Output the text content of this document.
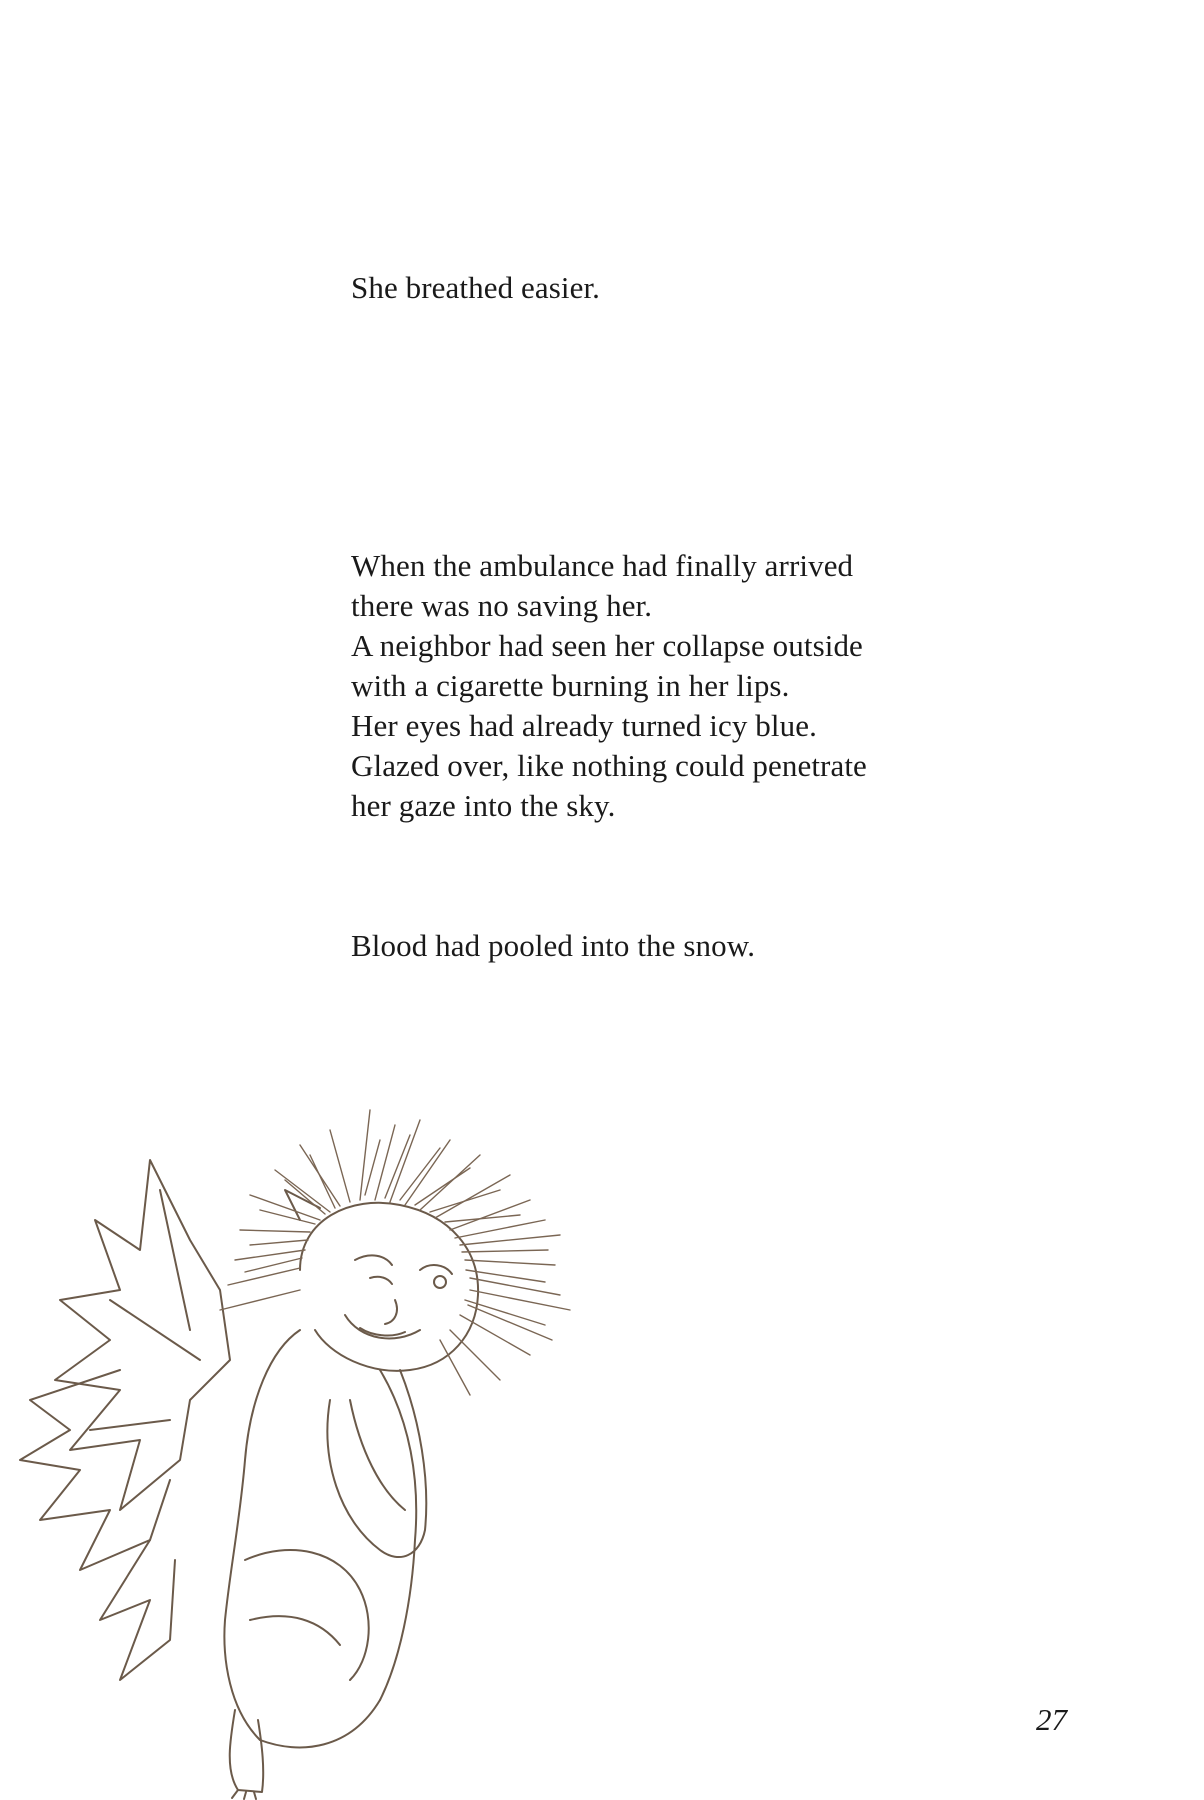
She breathed easier.

When the ambulance had finally arrived
there was no saving her.
A neighbor had seen her collapse outside
with a cigarette burning in her lips.
Her eyes had already turned icy blue.
Glazed over, like nothing could penetrate
her gaze into the sky.

Blood had pooled into the snow.

27
